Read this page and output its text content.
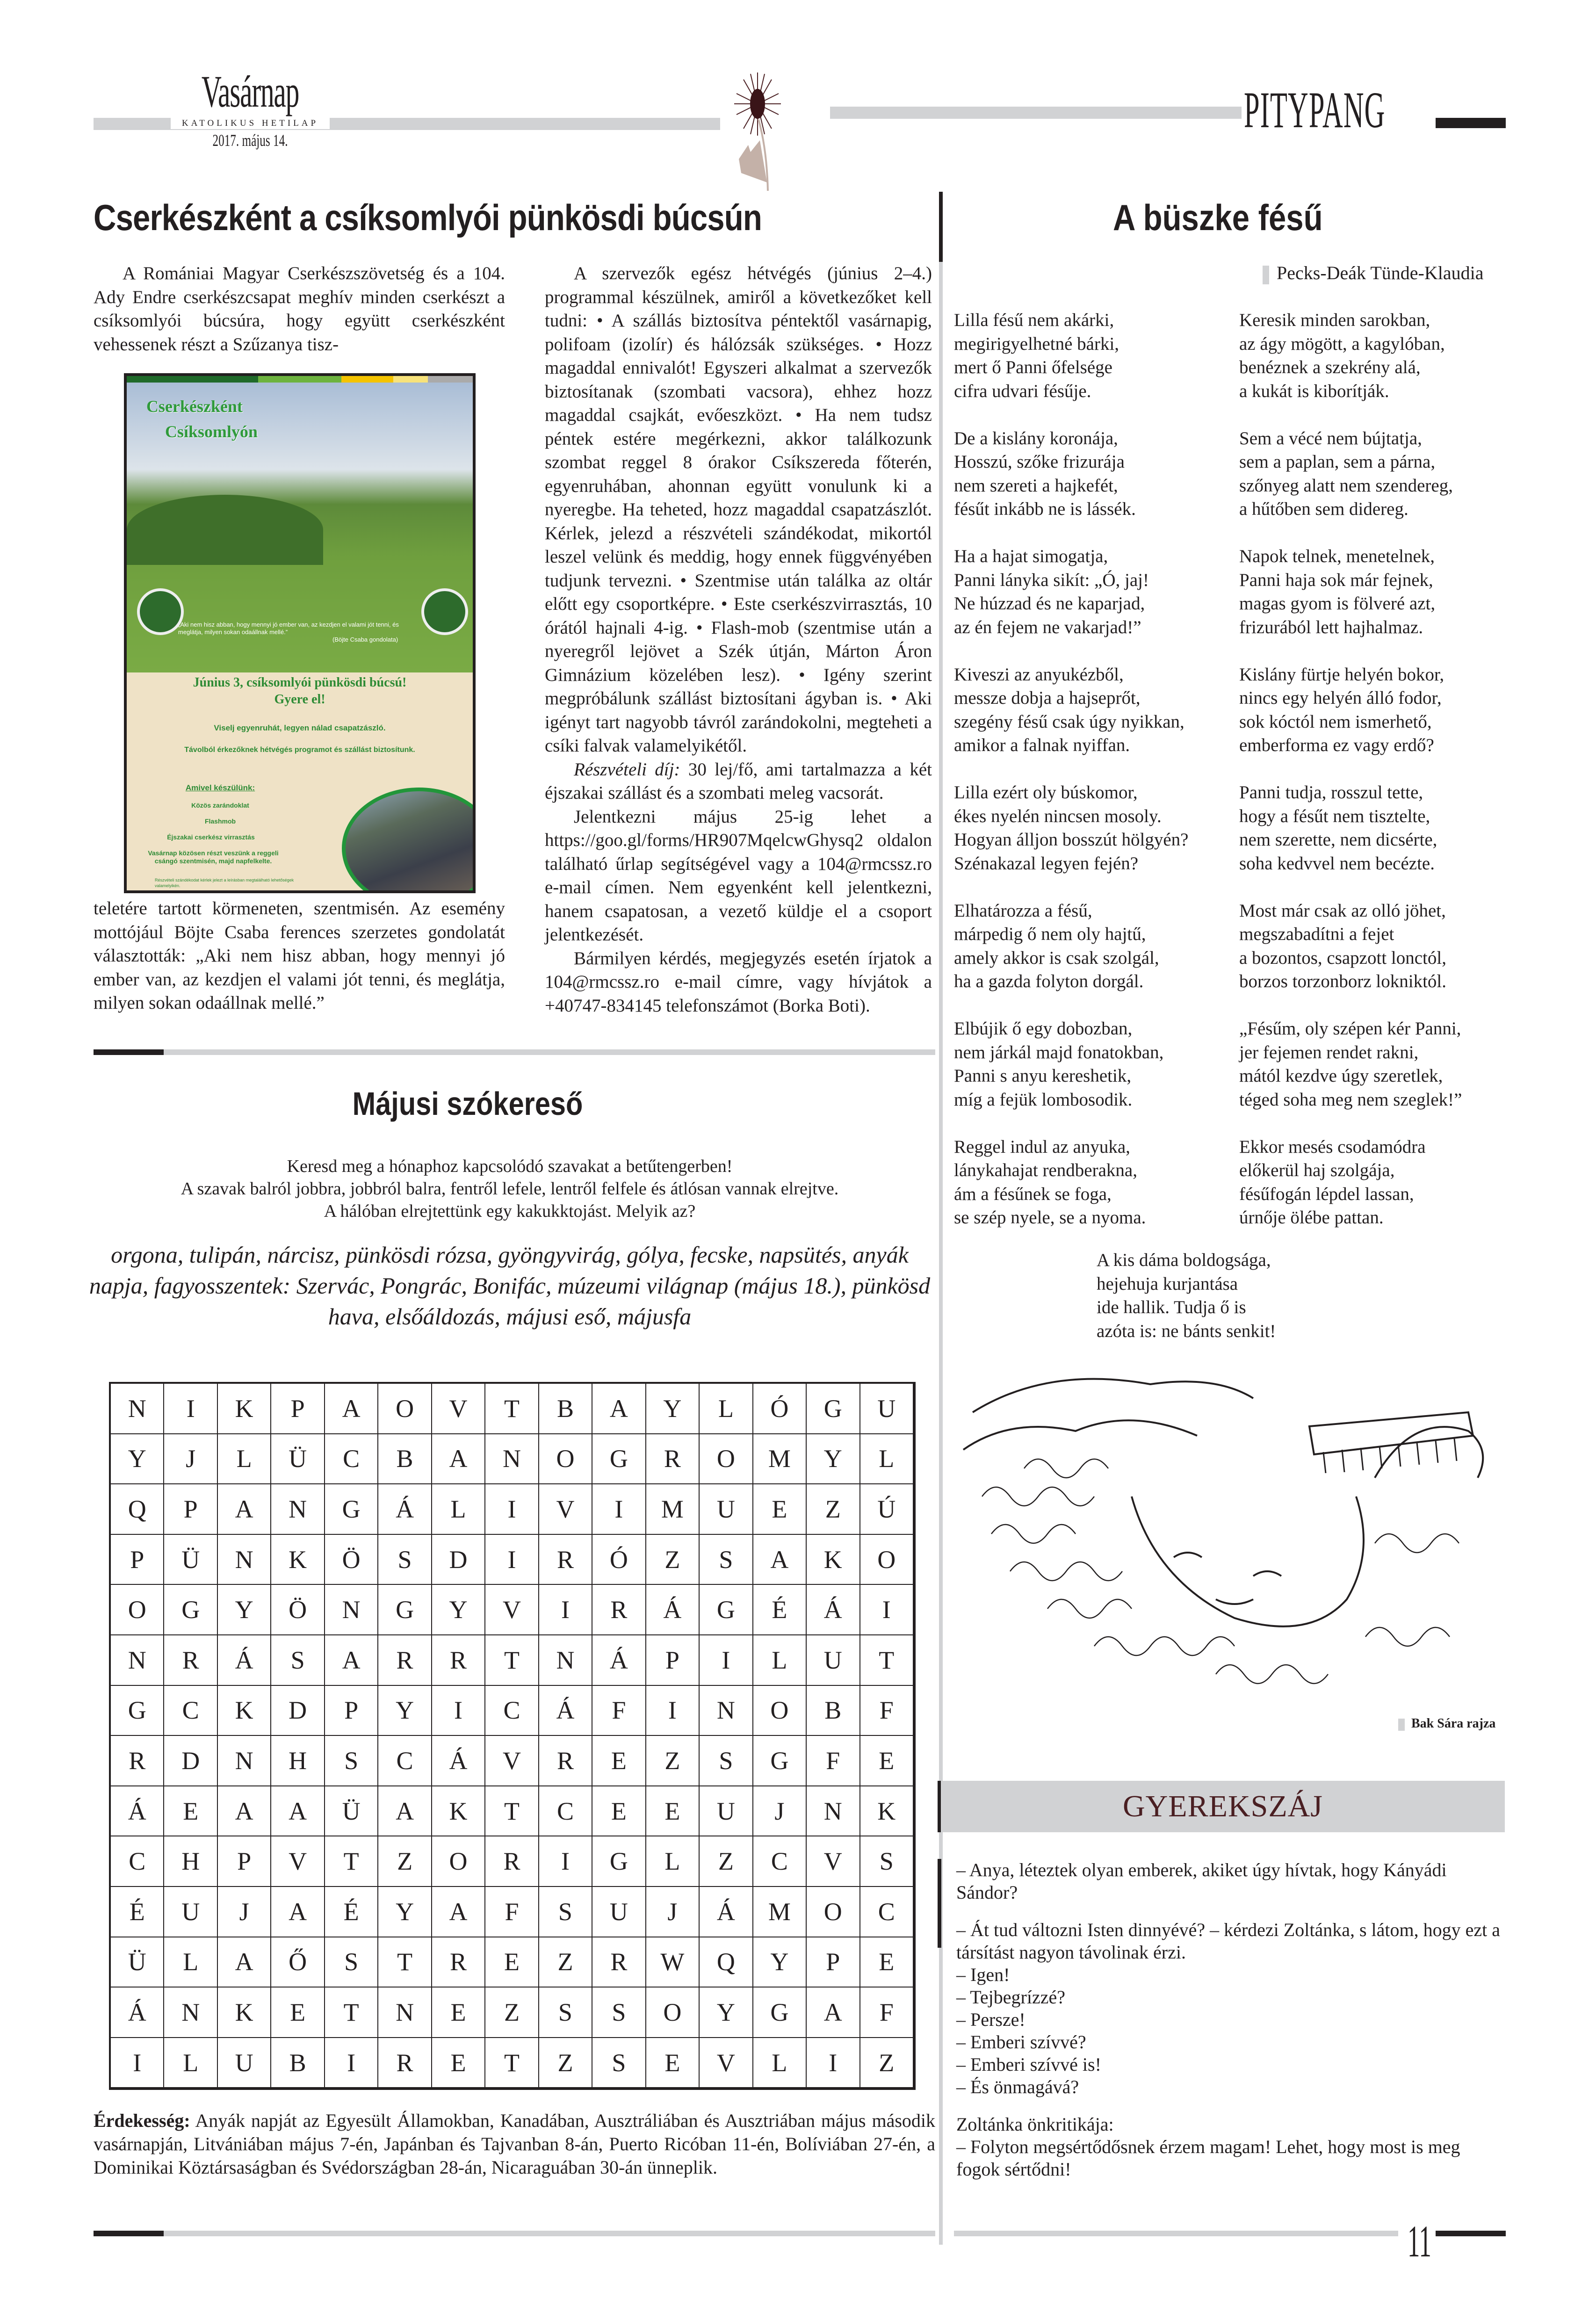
Vasárnap
KATOLIKUS HETILAP
2017. május 14.
PITYPANG
Cserkészként a csíksomlyói pünkösdi búcsún

A Romániai Magyar Cserkészszövetség és a 104. Ady Endre cserkészcsapat meghív minden cserkészt a csíksomlyói búcsúra, hogy együtt cserkészként vehessenek részt a Szűzanya tisz-

Cserkészként
Csíksomlyón
„Aki nem hisz abban, hogy mennyi jó ember van, az kezdjen el valami jót tenni, és meglátja, milyen sokan odaállnak mellé.”
(Böjte Csaba gondolata)
Június 3, csíksomlyói pünkösdi búcsú!
Gyere el!
Viselj egyenruhát, legyen nálad csapatzászló.
Távolból érkezőknek hétvégés programot és szállást biztosítunk.
Amivel készülünk:
Közös zarándoklat
Flashmob
Éjszakai cserkész virrasztás
Vasárnap közösen részt veszünk a reggeli csángó szentmisén, majd napfelkelte.
Részvételi szándékodat kérlek jelezt a leírásban megtalálható lehetőségek valamelyikén.

teletére tartott körmeneten, szentmisén. Az esemény mottójául Böjte Csaba ferences szerzetes gondolatát választották: „Aki nem hisz abban, hogy mennyi jó ember van, az kezdjen el valami jót tenni, és meglátja, milyen sokan odaállnak mellé.”

A szervezők egész hétvégés (június 2–4.) programmal készülnek, amiről a következőket kell tudni: • A szállás biztosítva péntektől vasárnapig, polifoam (izolír) és hálózsák szükséges. • Hozz magaddal ennivalót! Egyszeri alkalmat a szervezők biztosítanak (szombati vacsora), ehhez hozz magaddal csajkát, evőeszközt. • Ha nem tudsz péntek estére megérkezni, akkor találkozunk szombat reggel 8 órakor Csíkszereda főterén, egyenruhában, ahonnan együtt vonulunk ki a nyeregbe. Ha teheted, hozz magaddal csapatzászlót. Kérlek, jelezd a részvételi szándékodat, mikortól leszel velünk és meddig, hogy ennek függvényében tudjunk tervezni. • Szentmise után találka az oltár előtt egy csoportképre. • Este cserkészvirrasztás, 10 órától hajnali 4-ig. • Flash-mob (szentmise után a nyeregről lejövet a Szék útján, Márton Áron Gimnázium közelében lesz). • Igény szerint megpróbálunk szállást biztosítani ágyban is. • Aki igényt tart nagyobb távról zarándokolni, megteheti a csíki falvak valamelyikétől.

Részvételi díj: 30 lej/fő, ami tartalmazza a két éjszakai szállást és a szombati meleg vacsorát.

Jelentkezni május 25-ig lehet a https://goo.gl/forms/HR907MqelcwGhysq2 oldalon található űrlap segítségével vagy a 104@rmcssz.ro e-mail címen. Nem egyenként kell jelentkezni, hanem csapatosan, a vezető küldje el a csoport jelentkezését.

Bármilyen kérdés, megjegyzés esetén írjatok a 104@rmcssz.ro e-mail címre, vagy hívjátok a +40747-834145 telefonszámot (Borka Boti).

Májusi szókereső
Keresd meg a hónaphoz kapcsolódó szavakat a betűtengerben!
A szavak balról jobbra, jobbról balra, fentről lefele, lentről felfele és átlósan vannak elrejtve.
A hálóban elrejtettünk egy kakukktojást. Melyik az?
orgona, tulipán, nárcisz, pünkösdi rózsa, gyöngyvirág, gólya, fecske, napsütés, anyák napja, fagyosszentek: Szervác, Pongrác, Bonifác, múzeumi világnap (május 18.), pünkösd hava, elsőáldozás, májusi eső, májusfa
N	I	K	P	A	O	V	T	B	A	Y	L	Ó	G	U
Y	J	L	Ü	C	B	A	N	O	G	R	O	M	Y	L
Q	P	A	N	G	Á	L	I	V	I	M	U	E	Z	Ú
P	Ü	N	K	Ö	S	D	I	R	Ó	Z	S	A	K	O
O	G	Y	Ö	N	G	Y	V	I	R	Á	G	É	Á	I
N	R	Á	S	A	R	R	T	N	Á	P	I	L	U	T
G	C	K	D	P	Y	I	C	Á	F	I	N	O	B	F
R	D	N	H	S	C	Á	V	R	E	Z	S	G	F	E
Á	E	A	A	Ü	A	K	T	C	E	E	U	J	N	K
C	H	P	V	T	Z	O	R	I	G	L	Z	C	V	S
É	U	J	A	É	Y	A	F	S	U	J	Á	M	O	C
Ü	L	A	Ő	S	T	R	E	Z	R	W	Q	Y	P	E
Á	N	K	E	T	N	E	Z	S	S	O	Y	G	A	F
I	L	U	B	I	R	E	T	Z	S	E	V	L	I	Z
Érdekesség: Anyák napját az Egyesült Államokban, Kanadában, Ausztráliában és Ausztriában május második vasárnapján, Litvániában május 7-én, Japánban és Tajvanban 8-án, Puerto Ricóban 11-én, Bolíviában 27-én, a Dominikai Köztársaságban és Svédországban 28-án, Nicaraguában 30-án ünneplik.
A büszke fésű
Pecks-Deák Tünde-Klaudia
Lilla fésű nem akárki,
megirigyelhetné bárki,
mert ő Panni őfelsége
cifra udvari fésűje.
De a kislány koronája,
Hosszú, szőke frizurája
nem szereti a hajkefét,
fésűt inkább ne is lássék.
Ha a hajat simogatja,
Panni lányka sikít: „Ó, jaj!
Ne húzzad és ne kaparjad,
az én fejem ne vakarjad!”
Kiveszi az anyukézből,
messze dobja a hajseprőt,
szegény fésű csak úgy nyikkan,
amikor a falnak nyiffan.
Lilla ezért oly búskomor,
ékes nyelén nincsen mosoly.
Hogyan álljon bosszút hölgyén?
Szénakazal legyen fején?
Elhatározza a fésű,
márpedig ő nem oly hajtű,
amely akkor is csak szolgál,
ha a gazda folyton dorgál.
Elbújik ő egy dobozban,
nem járkál majd fonatokban,
Panni s anyu kereshetik,
míg a fejük lombosodik.
Reggel indul az anyuka,
lánykahajat rendberakna,
ám a fésűnek se foga,
se szép nyele, se a nyoma.
Keresik minden sarokban,
az ágy mögött, a kagylóban,
benéznek a szekrény alá,
a kukát is kiborítják.
Sem a vécé nem bújtatja,
sem a paplan, sem a párna,
szőnyeg alatt nem szendereg,
a hűtőben sem didereg.
Napok telnek, menetelnek,
Panni haja sok már fejnek,
magas gyom is fölveré azt,
frizurából lett hajhalmaz.
Kislány fürtje helyén bokor,
nincs egy helyén álló fodor,
sok kóctól nem ismerhető,
emberforma ez vagy erdő?
Panni tudja, rosszul tette,
hogy a fésűt nem tisztelte,
nem szerette, nem dicsérte,
soha kedvvel nem becézte.
Most már csak az olló jöhet,
megszabadítni a fejet
a bozontos, csapzott lonctól,
borzos torzonborz lokniktól.
„Fésűm, oly szépen kér Panni,
jer fejemen rendet rakni,
mától kezdve úgy szeretlek,
téged soha meg nem szeglek!”
Ekkor mesés csodamódra
előkerül haj szolgája,
fésűfogán lépdel lassan,
úrnője ölébe pattan.
A kis dáma boldogsága,
hejehuja kurjantása
ide hallik. Tudja ő is
azóta is: ne bánts senkit!
Bak Sára rajza
GYEREKSZÁJ
– Anya, léteztek olyan emberek, akiket úgy hívtak, hogy Kányádi Sándor?
– Át tud változni Isten dinnyévé? – kérdezi Zoltánka, s látom, hogy ezt a társítást nagyon távolinak érzi.
– Igen!
– Tejbegrízzé?
– Persze!
– Emberi szívvé?
– Emberi szívvé is!
– És önmagává?
Zoltánka önkritikája:
– Folyton megsértődősnek érzem magam! Lehet, hogy most is meg fogok sértődni!
11
